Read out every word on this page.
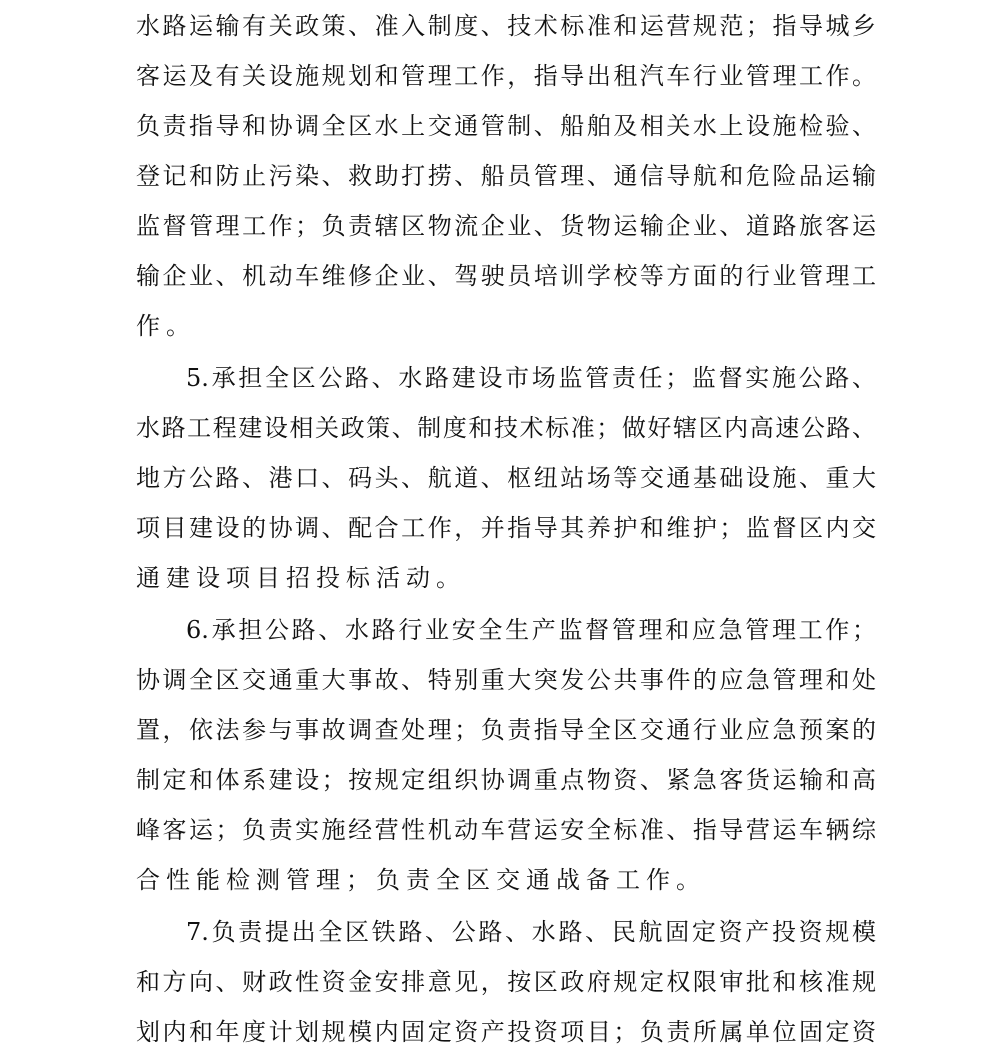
水路运输有关政策、准入制度、技术标准和运营规范；指导城乡
客运及有关设施规划和管理工作，指导出租汽车行业管理工作。
负责指导和协调全区水上交通管制、船舶及相关水上设施检验、
登记和防止污染、救助打捞、船员管理、通信导航和危险品运输
监督管理工作；负责辖区物流企业、货物运输企业、道路旅客运
输企业、机动车维修企业、驾驶员培训学校等方面的行业管理工
作。
5.承担全区公路、水路建设市场监管责任；监督实施公路、
水路工程建设相关政策、制度和技术标准；做好辖区内高速公路、
地方公路、港口、码头、航道、枢纽站场等交通基础设施、重大
项目建设的协调、配合工作，并指导其养护和维护；监督区内交
通建设项目招投标活动。
6.承担公路、水路行业安全生产监督管理和应急管理工作；
协调全区交通重大事故、特别重大突发公共事件的应急管理和处
置，依法参与事故调查处理；负责指导全区交通行业应急预案的
制定和体系建设；按规定组织协调重点物资、紧急客货运输和高
峰客运；负责实施经营性机动车营运安全标准、指导营运车辆综
合性能检测管理；负责全区交通战备工作。
7.负责提出全区铁路、公路、水路、民航固定资产投资规模
和方向、财政性资金安排意见，按区政府规定权限审批和核准规
划内和年度计划规模内固定资产投资项目；负责所属单位固定资
